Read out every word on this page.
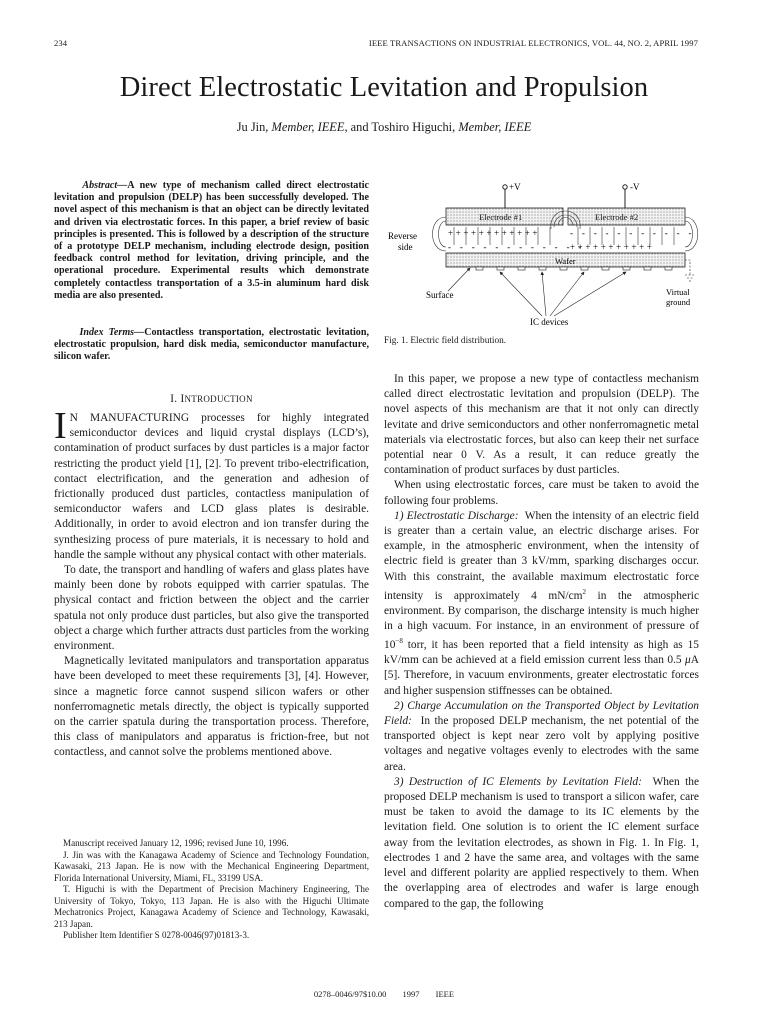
234	IEEE TRANSACTIONS ON INDUSTRIAL ELECTRONICS, VOL. 44, NO. 2, APRIL 1997
Direct Electrostatic Levitation and Propulsion
Ju Jin, Member, IEEE, and Toshiro Higuchi, Member, IEEE
Abstract—A new type of mechanism called direct electrostatic levitation and propulsion (DELP) has been successfully developed. The novel aspect of this mechanism is that an object can be directly levitated and driven via electrostatic forces. In this paper, a brief review of basic principles is presented. This is followed by a description of the structure of a prototype DELP mechanism, including electrode design, position feedback control method for levitation, driving principle, and the operational procedure. Experimental results which demonstrate completely contactless transportation of a 3.5-in aluminum hard disk media are also presented.
Index Terms—Contactless transportation, electrostatic levitation, electrostatic propulsion, hard disk media, semiconductor manufacture, silicon wafer.
I. INTRODUCTION

I N MANUFACTURING processes for highly integrated semiconductor devices and liquid crystal displays (LCD’s), contamination of product surfaces by dust particles is a major factor restricting the product yield [1], [2]. To prevent tribo-electrification, contact electrification, and the generation and adhesion of frictionally produced dust particles, contactless manipulation of semiconductor wafers and LCD glass plates is desirable. Additionally, in order to avoid electron and ion transfer during the synthesizing process of pure materials, it is necessary to hold and handle the sample without any physical contact with other materials.

To date, the transport and handling of wafers and glass plates have mainly been done by robots equipped with carrier spatulas. The physical contact and friction between the object and the carrier spatula not only produce dust particles, but also give the transported object a charge which further attracts dust particles from the working environment.

Magnetically levitated manipulators and transportation apparatus have been developed to meet these requirements [3], [4]. However, since a magnetic force cannot suspend silicon wafers or other nonferromagnetic metals directly, the object is typically supported on the carrier spatula during the transportation process. Therefore, this class of manipulators and apparatus is friction-free, but not contactless, and cannot solve the problems mentioned above.

Manuscript received January 12, 1996; revised June 10, 1996.

J. Jin was with the Kanagawa Academy of Science and Technology Foundation, Kawasaki, 213 Japan. He is now with the Mechanical Engineering Department, Florida International University, Miami, FL, 33199 USA.

T. Higuchi is with the Department of Precision Machinery Engineering, The University of Tokyo, Tokyo, 113 Japan. He is also with the Higuchi Ultimate Mechatronics Project, Kanagawa Academy of Science and Technology, Kawasaki, 213 Japan.

Publisher Item Identifier S 0278-0046(97)01813-3.

+V	-V
Electrode #1	Electrode #2
++++++++++++
+++++++++++
- - - - - - - - - - -
- - - - - - - - - - - -
Wafer
Virtual
ground
Reverse
side
Surface
IC devices
Fig. 1. Electric field distribution.

In this paper, we propose a new type of contactless mechanism called direct electrostatic levitation and propulsion (DELP). The novel aspects of this mechanism are that it not only can directly levitate and drive semiconductors and other nonferromagnetic metal materials via electrostatic forces, but also can keep their net surface potential near 0 V. As a result, it can reduce greatly the contamination of product surfaces by dust particles.

When using electrostatic forces, care must be taken to avoid the following four problems.

1) Electrostatic Discharge: When the intensity of an electric field is greater than a certain value, an electric discharge arises. For example, in the atmospheric environment, when the intensity of electric field is greater than 3 kV/mm, sparking discharges occur. With this constraint, the available maximum electrostatic force intensity is approximately 4 $mN/cm^2$ in the atmospheric environment. By comparison, the discharge intensity is much higher in a high vacuum. For instance, in an environment of pressure of $10^{-8}$ torr, it has been reported that a field intensity as high as 15 kV/mm can be achieved at a field emission current less than 0.5 μA [5]. Therefore, in vacuum environments, greater electrostatic forces and higher suspension stiffnesses can be obtained.

2) Charge Accumulation on the Transported Object by Levitation Field: In the proposed DELP mechanism, the net potential of the transported object is kept near zero volt by applying positive voltages and negative voltages evenly to electrodes with the same area.

3) Destruction of IC Elements by Levitation Field: When the proposed DELP mechanism is used to transport a silicon wafer, care must be taken to avoid the damage to its IC elements by the levitation field. One solution is to orient the IC element surface away from the levitation electrodes, as shown in Fig. 1. In Fig. 1, electrodes 1 and 2 have the same area, and voltages with the same level and different polarity are applied respectively to them. When the overlapping area of electrodes and wafer is large enough compared to the gap, the following

0278–0046/97$10.00 1997 IEEE
